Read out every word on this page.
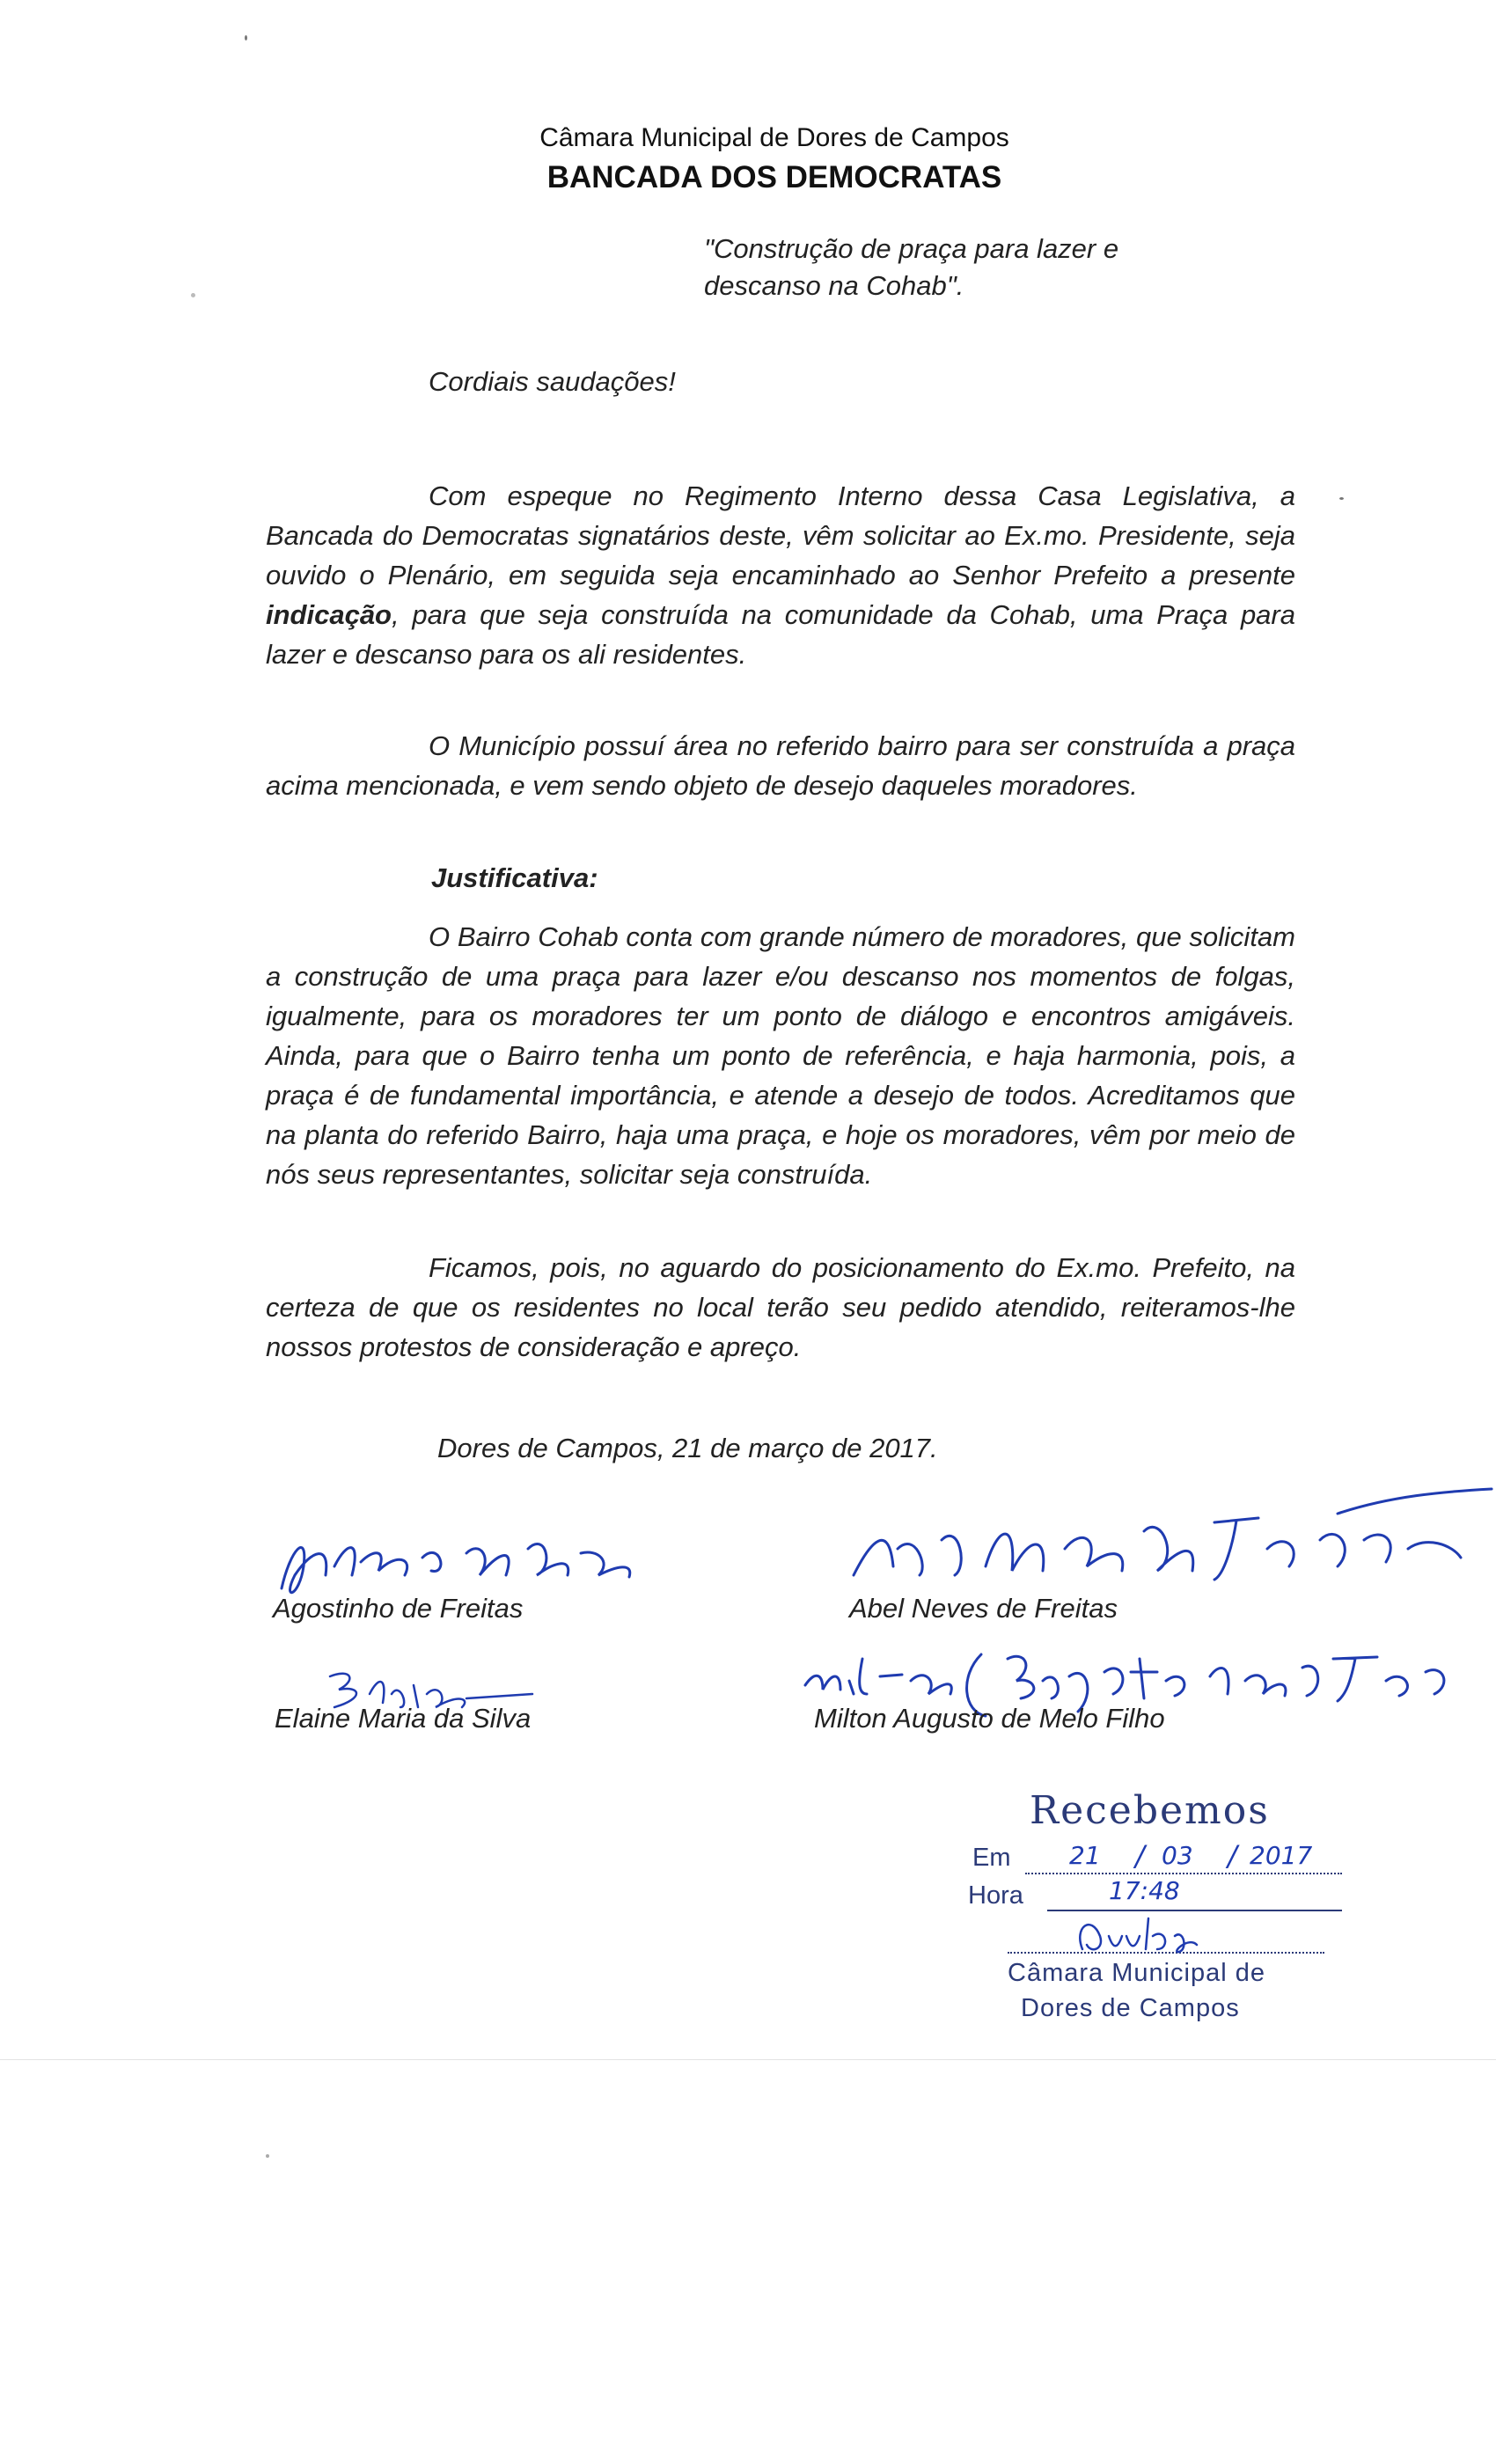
Câmara Municipal de Dores de Campos
BANCADA DOS DEMOCRATAS
"Construção de praça para lazer e
descanso na Cohab".
Cordiais saudações!
Com espeque no Regimento Interno dessa Casa Legislativa, a Bancada do Democratas signatários deste, vêm solicitar ao Ex.mo. Presidente, seja ouvido o Plenário, em seguida seja encaminhado ao Senhor Prefeito a presente indicação, para que seja construída na comunidade da Cohab, uma Praça para lazer e descanso para os ali residentes.
O Município possuí área no referido bairro para ser construída a praça acima mencionada, e vem sendo objeto de desejo daqueles moradores.
Justificativa:
O Bairro Cohab conta com grande número de moradores, que solicitam a construção de uma praça para lazer e/ou descanso nos momentos de folgas, igualmente, para os moradores ter um ponto de diálogo e encontros amigáveis. Ainda, para que o Bairro tenha um ponto de referência, e haja harmonia, pois, a praça é de fundamental importância, e atende a desejo de todos. Acreditamos que na planta do referido Bairro, haja uma praça, e hoje os moradores, vêm por meio de nós seus representantes, solicitar seja construída.
Ficamos, pois, no aguardo do posicionamento do Ex.mo. Prefeito, na certeza de que os residentes no local terão seu pedido atendido, reiteramos-lhe nossos protestos de consideração e apreço.
Dores de Campos, 21 de março de 2017.
Agostinho de Freitas	Abel Neves de Freitas
Elaine Maria da Silva	Milton Augusto de Melo Filho
Recebemos
Em 21 / 03 / 2017
Hora	17:48
Câmara Municipal de
Dores de Campos
